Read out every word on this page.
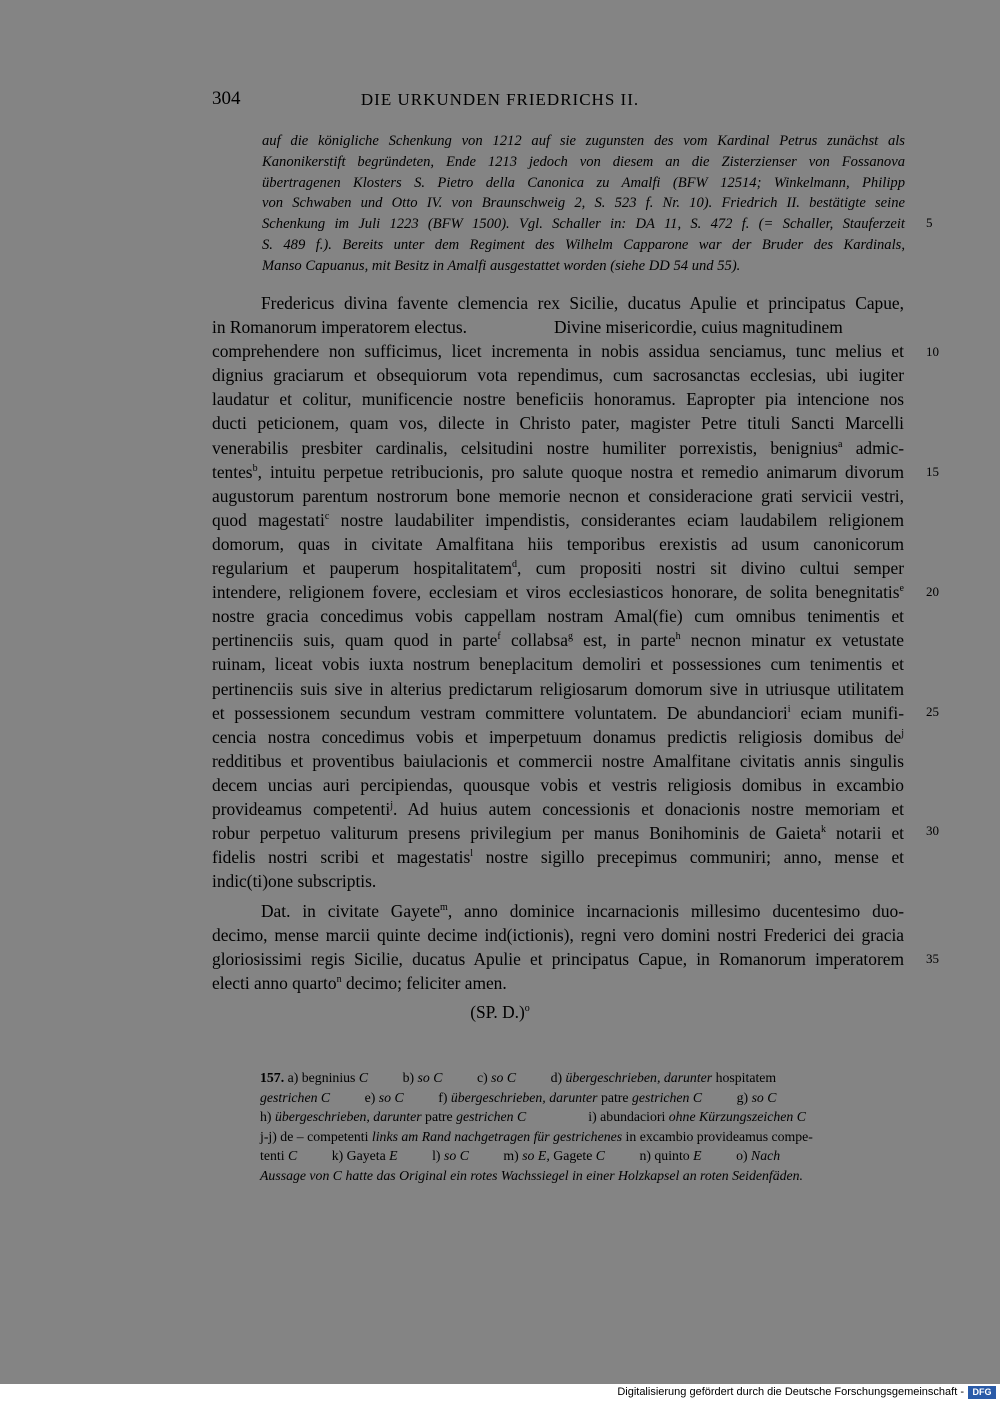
304	DIE URKUNDEN FRIEDRICHS II.
auf die königliche Schenkung von 1212 auf sie zugunsten des vom Kardinal Petrus zunächst als
Kanonikerstift begründeten, Ende 1213 jedoch von diesem an die Zisterzienser von Fossanova
übertragenen Klosters S. Pietro della Canonica zu Amalfi (BFW 12514; Winkelmann, Philipp
von Schwaben und Otto IV. von Braunschweig 2, S. 523 f. Nr. 10). Friedrich II. bestätigte seine
Schenkung im Juli 1223 (BFW 1500). Vgl. Schaller in: DA 11, S. 472 f. (= Schaller, Stauferzeit
S. 489 f.). Bereits unter dem Regiment des Wilhelm Capparone war der Bruder des Kardinals,
Manso Capuanus, mit Besitz in Amalfi ausgestattet worden (siehe DD 54 und 55).
Fredericus divina favente clemencia rex Sicilie, ducatus Apulie et principatus Capue,
in Romanorum imperatorem electus.                    Divine misericordie, cuius magnitudinem
comprehendere non sufficimus, licet incrementa in nobis assidua senciamus, tunc melius et
dignius graciarum et obsequiorum vota rependimus, cum sacrosanctas ecclesias, ubi iugiter
laudatur et colitur, munificencie nostre beneficiis honoramus. Eapropter pia intencione nos
ducti peticionem, quam vos, dilecte in Christo pater, magister Petre tituli Sancti Marcelli
venerabilis presbiter cardinalis, celsitudini nostre humiliter porrexistis, benignius$^a$ admic-
tentes$^b$, intuitu perpetue retribucionis, pro salute quoque nostra et remedio animarum divorum
augustorum parentum nostrorum bone memorie necnon et consideracione grati servicii vestri,
quod magestati$^c$ nostre laudabiliter impendistis, considerantes eciam laudabilem religionem
domorum, quas in civitate Amalfitana hiis temporibus erexistis ad usum canonicorum
regularium et pauperum hospitalitatem$^d$, cum propositi nostri sit divino cultui semper
intendere, religionem fovere, ecclesiam et viros ecclesiasticos honorare, de solita benegnitatis$^e$
nostre gracia concedimus vobis cappellam nostram Amal(fie) cum omnibus tenimentis et
pertinenciis suis, quam quod in parte$^f$ collabsa$^g$ est, in parte$^h$ necnon minatur ex vetustate
ruinam, liceat vobis iuxta nostrum beneplacitum demoliri et possessiones cum tenimentis et
pertinenciis suis sive in alterius predictarum religiosarum domorum sive in utriusque utilitatem
et possessionem secundum vestram committere voluntatem. De abundanciori$^i$ eciam munifi-
cencia nostra concedimus vobis et imperpetuum donamus predictis religiosis domibus $de^j$
redditibus et proventibus baiulacionis et commercii nostre Amalfitane civitatis annis singulis
decem uncias auri percipiendas, quousque vobis et vestris religiosis domibus in excambio
provideamus competenti$^j$. Ad huius autem concessionis et donacionis nostre memoriam et
robur perpetuo valiturum presens privilegium per manus Bonihominis de Gaieta$^k$ notarii et
fidelis nostri scribi et magestatis$^l$ nostre sigillo precepimus communiri; anno, mense et
indic(ti)one subscriptis.
Dat. in civitate Gayete$^m$, anno dominice incarnacionis millesimo ducentesimo duo-
decimo, mense marcii quinte decime ind(ictionis), regni vero domini nostri Frederici dei gracia
gloriosissimi regis Sicilie, ducatus Apulie et principatus Capue, in Romanorum imperatorem
electi anno quarto$^n$ decimo; feliciter amen.
(SP. D.)$^o$
5
10
15
20
25
30
35
157. a) begninius C	b) so C	c) so C	d) übergeschrieben, darunter hospitatem
gestrichen C	e) so C	f) übergeschrieben, darunter patre gestrichen C	g) so C
h) übergeschrieben, darunter patre gestrichen C	i) abundaciori ohne Kürzungszeichen C
j-j) de – competenti links am Rand nachgetragen für gestrichenes in excambio provideamus compe-
tenti C	k) Gayeta E	l) so C	m) so E, Gagete C	n) quinto E	o) Nach
Aussage von C hatte das Original ein rotes Wachssiegel in einer Holzkapsel an roten Seidenfäden.
Digitalisierung gefördert durch die Deutsche Forschungsgemeinschaft - DFG
